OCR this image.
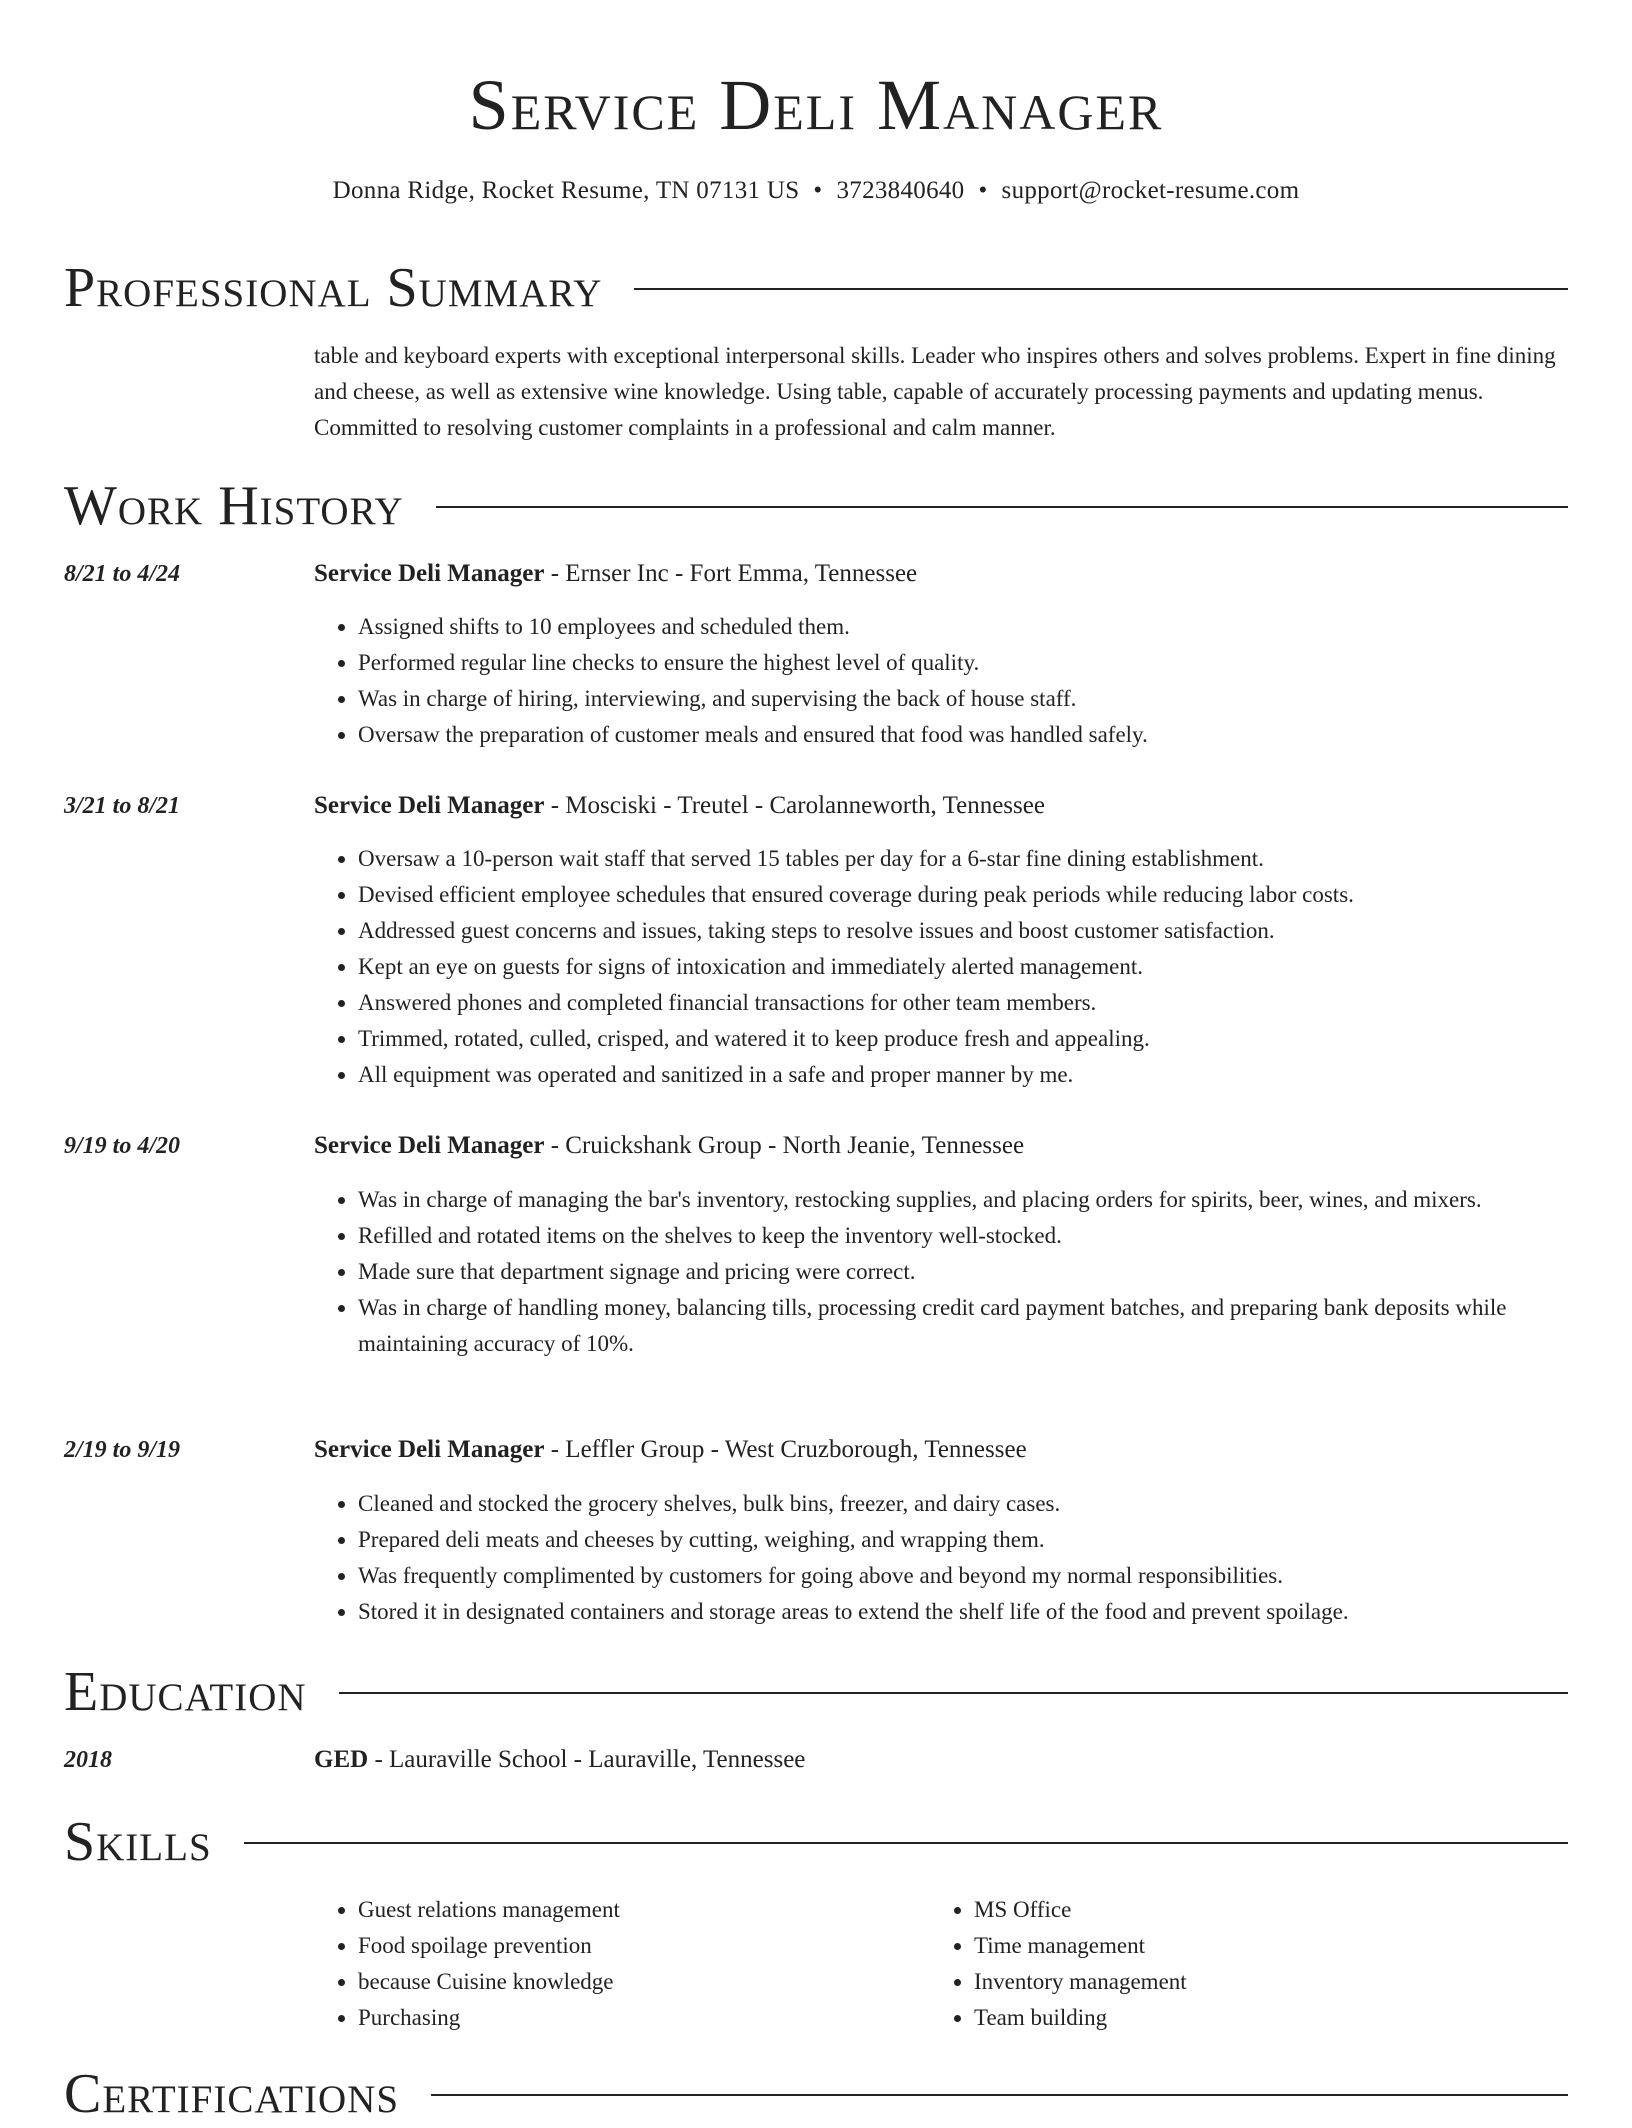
Service Deli Manager
Donna Ridge, Rocket Resume, TN 07131 US • 3723840640 • support@rocket-resume.com
Professional Summary
table and keyboard experts with exceptional interpersonal skills. Leader who inspires others and solves problems. Expert in fine dining and cheese, as well as extensive wine knowledge. Using table, capable of accurately processing payments and updating menus. Committed to resolving customer complaints in a professional and calm manner.
Work History
8/21 to 4/24	Service Deli Manager - Ernser Inc - Fort Emma, Tennessee
• Assigned shifts to 10 employees and scheduled them.
• Performed regular line checks to ensure the highest level of quality.
• Was in charge of hiring, interviewing, and supervising the back of house staff.
• Oversaw the preparation of customer meals and ensured that food was handled safely.
3/21 to 8/21	Service Deli Manager - Mosciski - Treutel - Carolanneworth, Tennessee
• Oversaw a 10-person wait staff that served 15 tables per day for a 6-star fine dining establishment.
• Devised efficient employee schedules that ensured coverage during peak periods while reducing labor costs.
• Addressed guest concerns and issues, taking steps to resolve issues and boost customer satisfaction.
• Kept an eye on guests for signs of intoxication and immediately alerted management.
• Answered phones and completed financial transactions for other team members.
• Trimmed, rotated, culled, crisped, and watered it to keep produce fresh and appealing.
• All equipment was operated and sanitized in a safe and proper manner by me.
9/19 to 4/20	Service Deli Manager - Cruickshank Group - North Jeanie, Tennessee
• Was in charge of managing the bar's inventory, restocking supplies, and placing orders for spirits, beer, wines, and mixers.
• Refilled and rotated items on the shelves to keep the inventory well-stocked.
• Made sure that department signage and pricing were correct.
• Was in charge of handling money, balancing tills, processing credit card payment batches, and preparing bank deposits while maintaining accuracy of 10%.
2/19 to 9/19	Service Deli Manager - Leffler Group - West Cruzborough, Tennessee
• Cleaned and stocked the grocery shelves, bulk bins, freezer, and dairy cases.
• Prepared deli meats and cheeses by cutting, weighing, and wrapping them.
• Was frequently complimented by customers for going above and beyond my normal responsibilities.
• Stored it in designated containers and storage areas to extend the shelf life of the food and prevent spoilage.
Education
2018	GED - Lauraville School - Lauraville, Tennessee
Skills
• Guest relations management
• Food spoilage prevention
• because Cuisine knowledge
• Purchasing
• MS Office
• Time management
• Inventory management
• Team building
Certifications
